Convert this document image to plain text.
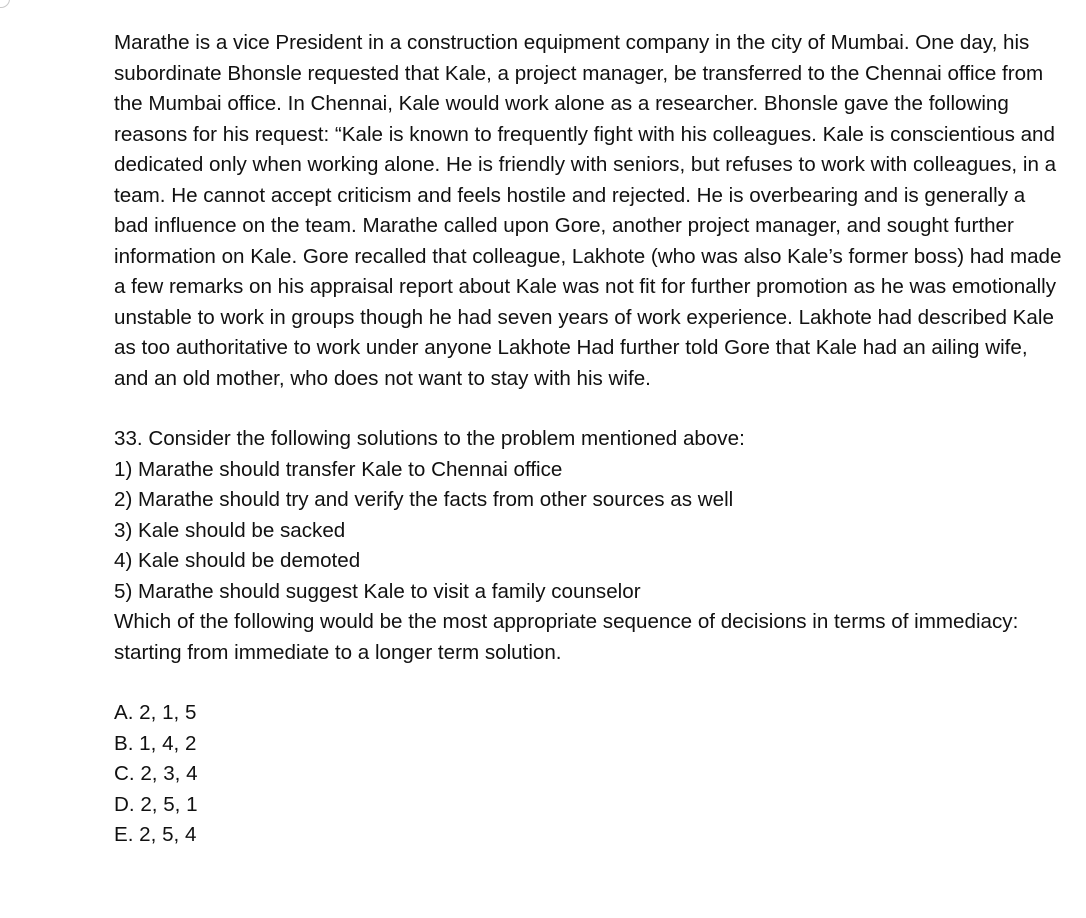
Marathe is a vice President in a construction equipment company in the city of Mumbai. One day, his subordinate Bhonsle requested that Kale, a project manager, be transferred to the Chennai office from the Mumbai office. In Chennai, Kale would work alone as a researcher. Bhonsle gave the following reasons for his request: “Kale is known to frequently fight with his colleagues. Kale is conscientious and dedicated only when working alone. He is friendly with seniors, but refuses to work with colleagues, in a team. He cannot accept criticism and feels hostile and rejected. He is overbearing and is generally a bad influence on the team. Marathe called upon Gore, another project manager, and sought further information on Kale. Gore recalled that colleague, Lakhote (who was also Kale’s former boss) had made a few remarks on his appraisal report about Kale was not fit for further promotion as he was emotionally unstable to work in groups though he had seven years of work experience. Lakhote had described Kale as too authoritative to work under anyone Lakhote Had further told Gore that Kale had an ailing wife, and an old mother, who does not want to stay with his wife.

33. Consider the following solutions to the problem mentioned above:

1) Marathe should transfer Kale to Chennai office
2) Marathe should try and verify the facts from other sources as well
3) Kale should be sacked
4) Kale should be demoted
5) Marathe should suggest Kale to visit a family counselor

Which of the following would be the most appropriate sequence of decisions in terms of immediacy: starting from immediate to a longer term solution.

A. 2, 1, 5
B. 1, 4, 2
C. 2, 3, 4
D. 2, 5, 1
E. 2, 5, 4
